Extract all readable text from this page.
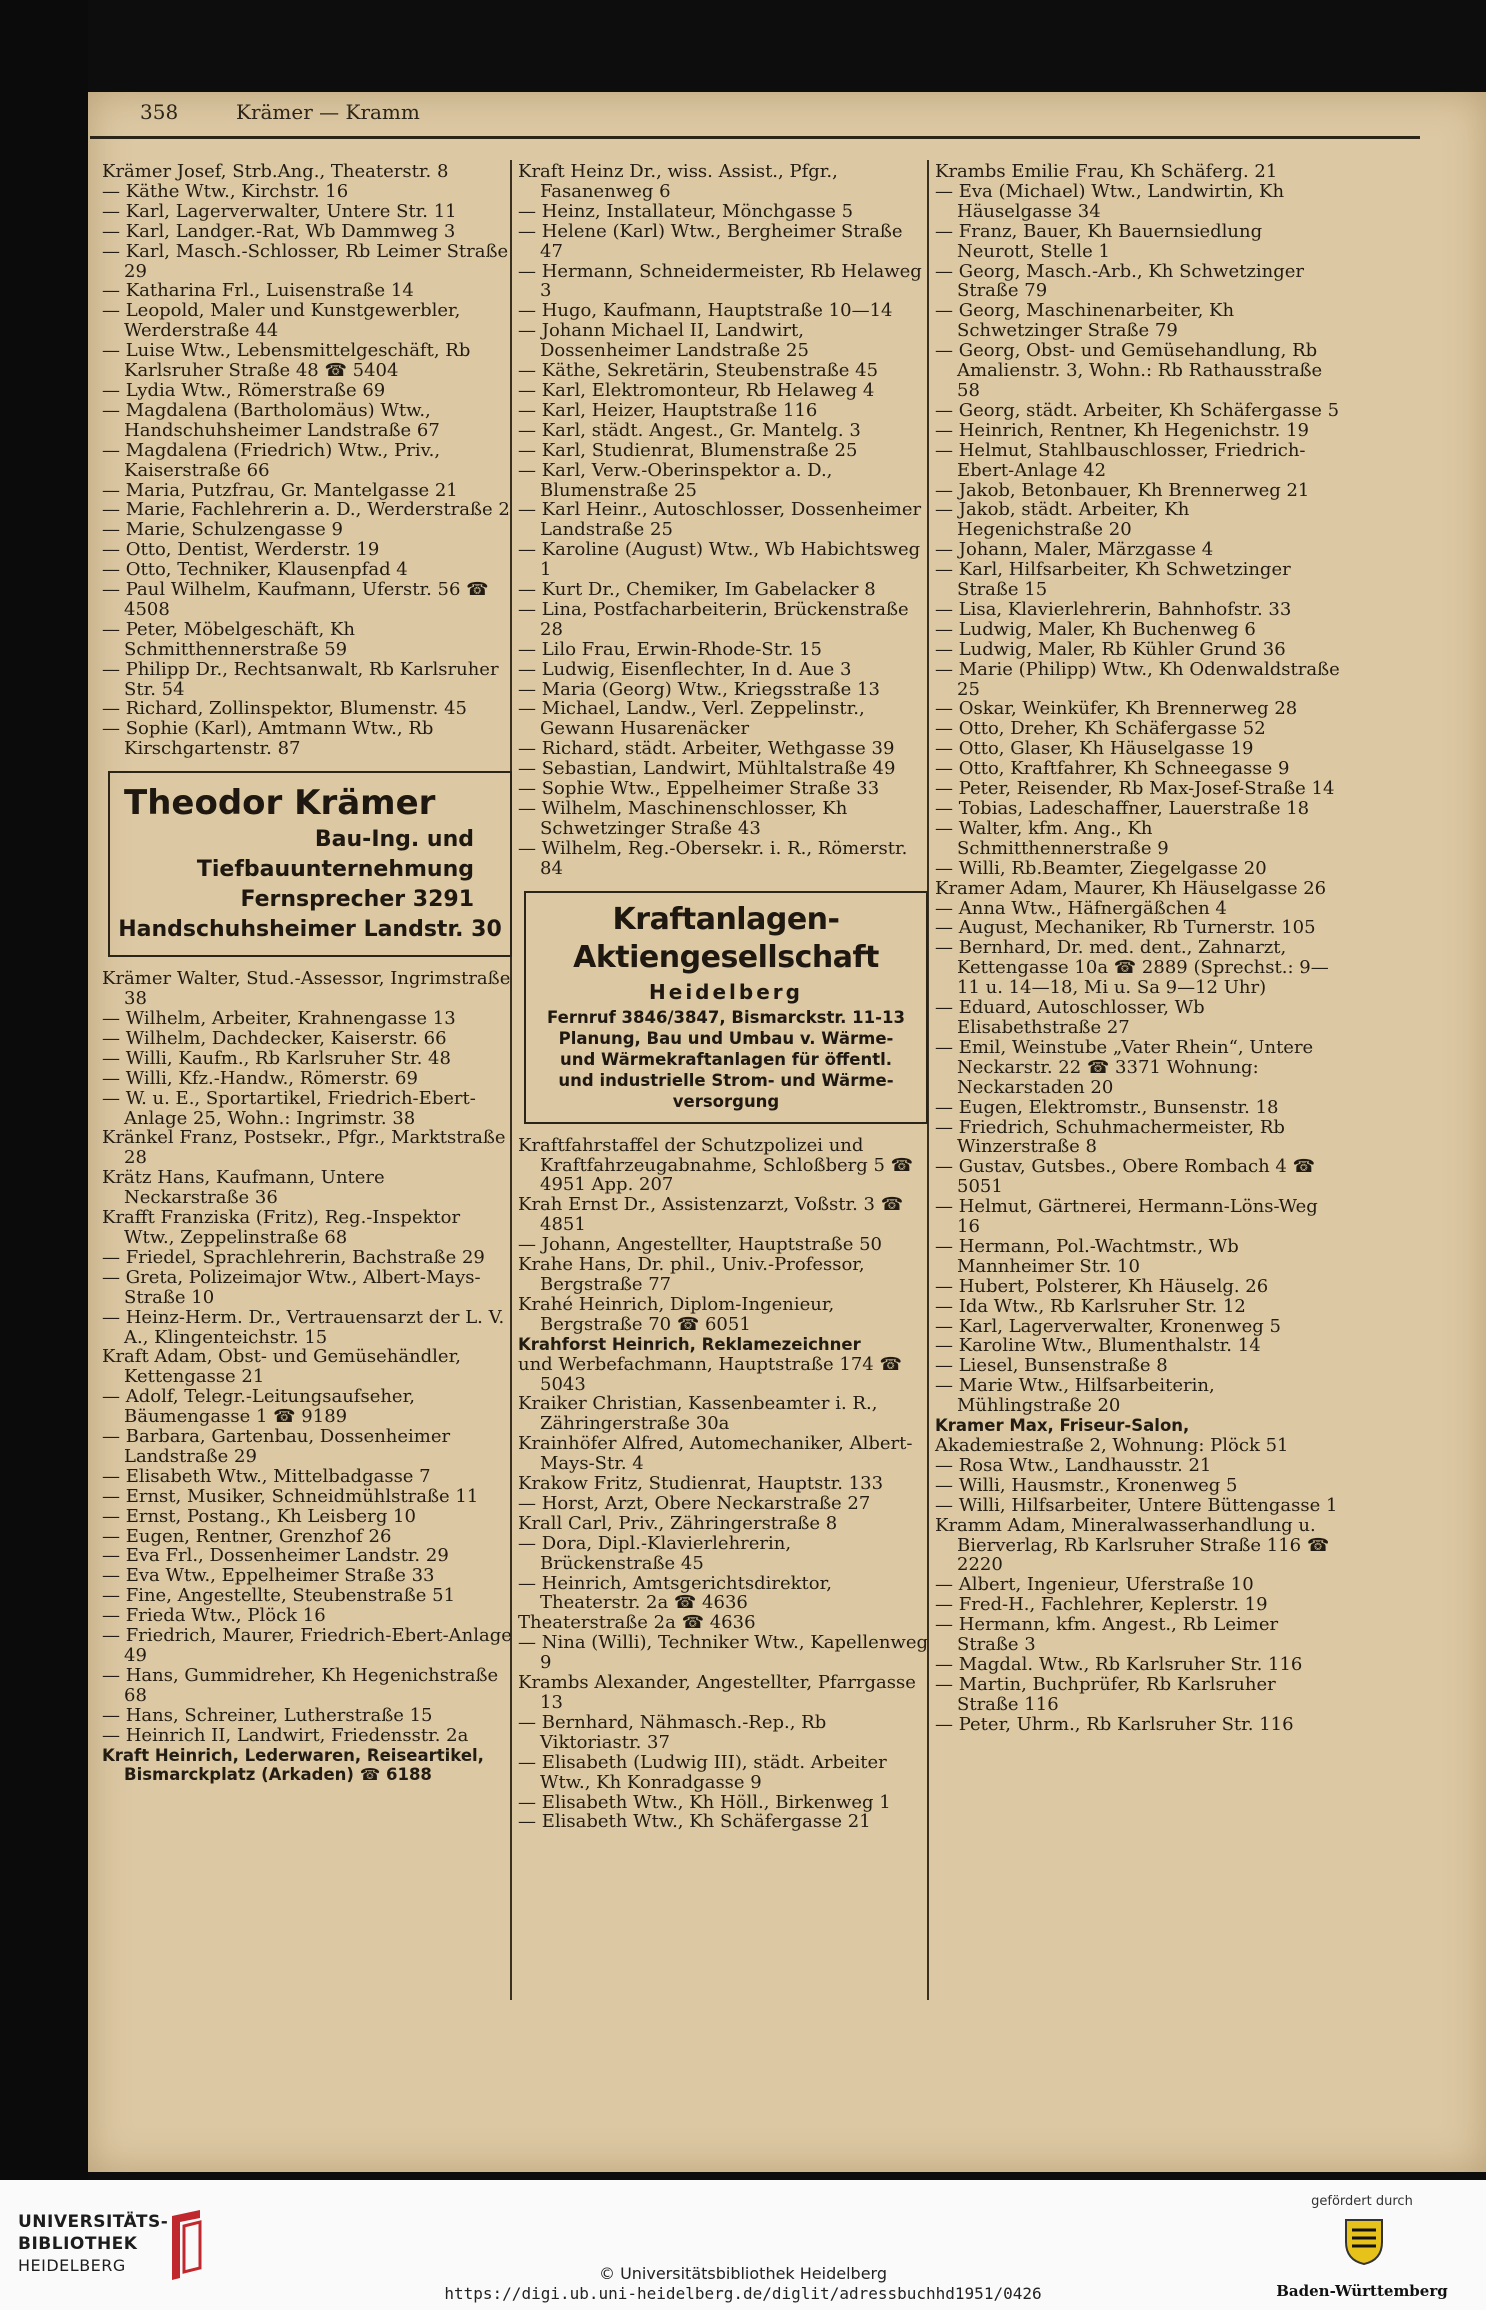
358	Krämer — Kramm

Krämer Josef, Strb.Ang., Theaterstr. 8

— Käthe Wtw., Kirchstr. 16

— Karl, Lagerverwalter, Untere Str. 11

— Karl, Landger.-Rat, Wb Dammweg 3

— Karl, Masch.-Schlosser, Rb Leimer Straße 29

— Katharina Frl., Luisenstraße 14

— Leopold, Maler und Kunstgewerbler, Werderstraße 44

— Luise Wtw., Lebensmittelgeschäft, Rb Karlsruher Straße 48 ☎ 5404

— Lydia Wtw., Römerstraße 69

— Magdalena (Bartholomäus) Wtw., Handschuhsheimer Landstraße 67

— Magdalena (Friedrich) Wtw., Priv., Kaiserstraße 66

— Maria, Putzfrau, Gr. Mantelgasse 21

— Marie, Fachlehrerin a. D., Werderstraße 2

— Marie, Schulzengasse 9

— Otto, Dentist, Werderstr. 19

— Otto, Techniker, Klausenpfad 4

— Paul Wilhelm, Kaufmann, Uferstr. 56 ☎ 4508

— Peter, Möbelgeschäft, Kh Schmitthennerstraße 59

— Philipp Dr., Rechtsanwalt, Rb Karlsruher Str. 54

— Richard, Zollinspektor, Blumenstr. 45

— Sophie (Karl), Amtmann Wtw., Rb Kirschgartenstr. 87

Theodor Krämer
Bau-Ing. und
Tiefbauunternehmung
Fernsprecher 3291
Handschuhsheimer Landstr. 30

Krämer Walter, Stud.-Assessor, Ingrimstraße 38

— Wilhelm, Arbeiter, Krahnengasse 13

— Wilhelm, Dachdecker, Kaiserstr. 66

— Willi, Kaufm., Rb Karlsruher Str. 48

— Willi, Kfz.-Handw., Römerstr. 69

— W. u. E., Sportartikel, Friedrich-Ebert-Anlage 25, Wohn.: Ingrimstr. 38

Kränkel Franz, Postsekr., Pfgr., Marktstraße 28

Krätz Hans, Kaufmann, Untere Neckarstraße 36

Krafft Franziska (Fritz), Reg.-Inspektor Wtw., Zeppelinstraße 68

— Friedel, Sprachlehrerin, Bachstraße 29

— Greta, Polizeimajor Wtw., Albert-Mays-Straße 10

— Heinz-Herm. Dr., Vertrauensarzt der L. V. A., Klingenteichstr. 15

Kraft Adam, Obst- und Gemüsehändler, Kettengasse 21

— Adolf, Telegr.-Leitungsaufseher, Bäumengasse 1 ☎ 9189

— Barbara, Gartenbau, Dossenheimer Landstraße 29

— Elisabeth Wtw., Mittelbadgasse 7

— Ernst, Musiker, Schneidmühlstraße 11

— Ernst, Postang., Kh Leisberg 10

— Eugen, Rentner, Grenzhof 26

— Eva Frl., Dossenheimer Landstr. 29

— Eva Wtw., Eppelheimer Straße 33

— Fine, Angestellte, Steubenstraße 51

— Frieda Wtw., Plöck 16

— Friedrich, Maurer, Friedrich-Ebert-Anlage 49

— Hans, Gummidreher, Kh Hegenichstraße 68

— Hans, Schreiner, Lutherstraße 15

— Heinrich II, Landwirt, Friedensstr. 2a

Kraft Heinrich, Lederwaren, Reiseartikel, Bismarckplatz (Arkaden) ☎ 6188

Kraft Heinz Dr., wiss. Assist., Pfgr., Fasanenweg 6

— Heinz, Installateur, Mönchgasse 5

— Helene (Karl) Wtw., Bergheimer Straße 47

— Hermann, Schneidermeister, Rb Helaweg 3

— Hugo, Kaufmann, Hauptstraße 10—14

— Johann Michael II, Landwirt, Dossenheimer Landstraße 25

— Käthe, Sekretärin, Steubenstraße 45

— Karl, Elektromonteur, Rb Helaweg 4

— Karl, Heizer, Hauptstraße 116

— Karl, städt. Angest., Gr. Mantelg. 3

— Karl, Studienrat, Blumenstraße 25

— Karl, Verw.-Oberinspektor a. D., Blumenstraße 25

— Karl Heinr., Autoschlosser, Dossenheimer Landstraße 25

— Karoline (August) Wtw., Wb Habichtsweg 1

— Kurt Dr., Chemiker, Im Gabelacker 8

— Lina, Postfacharbeiterin, Brückenstraße 28

— Lilo Frau, Erwin-Rhode-Str. 15

— Ludwig, Eisenflechter, In d. Aue 3

— Maria (Georg) Wtw., Kriegsstraße 13

— Michael, Landw., Verl. Zeppelinstr., Gewann Husarenäcker

— Richard, städt. Arbeiter, Wethgasse 39

— Sebastian, Landwirt, Mühltalstraße 49

— Sophie Wtw., Eppelheimer Straße 33

— Wilhelm, Maschinenschlosser, Kh Schwetzinger Straße 43

— Wilhelm, Reg.-Obersekr. i. R., Römerstr. 84

Kraftanlagen-Aktiengesellschaft
Heidelberg
Fernruf 3846/3847, Bismarckstr. 11-13
Planung, Bau und Umbau v. Wärme-
und Wärmekraftanlagen für öffentl.
und industrielle Strom- und Wärme-
versorgung

Kraftfahrstaffel der Schutzpolizei und Kraftfahrzeugabnahme, Schloßberg 5 ☎ 4951 App. 207

Krah Ernst Dr., Assistenzarzt, Voßstr. 3 ☎ 4851

— Johann, Angestellter, Hauptstraße 50

Krahe Hans, Dr. phil., Univ.-Professor, Bergstraße 77

Krahé Heinrich, Diplom-Ingenieur, Bergstraße 70 ☎ 6051

Krahforst Heinrich, Reklamezeichner

und Werbefachmann, Hauptstraße 174 ☎ 5043

Kraiker Christian, Kassenbeamter i. R., Zähringerstraße 30a

Krainhöfer Alfred, Automechaniker, Albert-Mays-Str. 4

Krakow Fritz, Studienrat, Hauptstr. 133

— Horst, Arzt, Obere Neckarstraße 27

Krall Carl, Priv., Zähringerstraße 8

— Dora, Dipl.-Klavierlehrerin, Brückenstraße 45

— Heinrich, Amtsgerichtsdirektor, Theaterstr. 2a ☎ 4636

Theaterstraße 2a ☎ 4636

— Nina (Willi), Techniker Wtw., Kapellenweg 9

Krambs Alexander, Angestellter, Pfarrgasse 13

— Bernhard, Nähmasch.-Rep., Rb Viktoriastr. 37

— Elisabeth (Ludwig III), städt. Arbeiter Wtw., Kh Konradgasse 9

— Elisabeth Wtw., Kh Höll., Birkenweg 1

— Elisabeth Wtw., Kh Schäfergasse 21

Krambs Emilie Frau, Kh Schäferg. 21

— Eva (Michael) Wtw., Landwirtin, Kh Häuselgasse 34

— Franz, Bauer, Kh Bauernsiedlung Neurott, Stelle 1

— Georg, Masch.-Arb., Kh Schwetzinger Straße 79

— Georg, Maschinenarbeiter, Kh Schwetzinger Straße 79

— Georg, Obst- und Gemüsehandlung, Rb Amalienstr. 3, Wohn.: Rb Rathausstraße 58

— Georg, städt. Arbeiter, Kh Schäfergasse 5

— Heinrich, Rentner, Kh Hegenichstr. 19

— Helmut, Stahlbauschlosser, Friedrich-Ebert-Anlage 42

— Jakob, Betonbauer, Kh Brennerweg 21

— Jakob, städt. Arbeiter, Kh Hegenichstraße 20

— Johann, Maler, Märzgasse 4

— Karl, Hilfsarbeiter, Kh Schwetzinger Straße 15

— Lisa, Klavierlehrerin, Bahnhofstr. 33

— Ludwig, Maler, Kh Buchenweg 6

— Ludwig, Maler, Rb Kühler Grund 36

— Marie (Philipp) Wtw., Kh Odenwaldstraße 25

— Oskar, Weinküfer, Kh Brennerweg 28

— Otto, Dreher, Kh Schäfergasse 52

— Otto, Glaser, Kh Häuselgasse 19

— Otto, Kraftfahrer, Kh Schneegasse 9

— Peter, Reisender, Rb Max-Josef-Straße 14

— Tobias, Ladeschaffner, Lauerstraße 18

— Walter, kfm. Ang., Kh Schmitthennerstraße 9

— Willi, Rb.Beamter, Ziegelgasse 20

Kramer Adam, Maurer, Kh Häuselgasse 26

— Anna Wtw., Häfnergäßchen 4

— August, Mechaniker, Rb Turnerstr. 105

— Bernhard, Dr. med. dent., Zahnarzt, Kettengasse 10a ☎ 2889 (Sprechst.: 9—11 u. 14—18, Mi u. Sa 9—12 Uhr)

— Eduard, Autoschlosser, Wb Elisabethstraße 27

— Emil, Weinstube „Vater Rhein“, Untere Neckarstr. 22 ☎ 3371 Wohnung: Neckarstaden 20

— Eugen, Elektromstr., Bunsenstr. 18

— Friedrich, Schuhmachermeister, Rb Winzerstraße 8

— Gustav, Gutsbes., Obere Rombach 4 ☎ 5051

— Helmut, Gärtnerei, Hermann-Löns-Weg 16

— Hermann, Pol.-Wachtmstr., Wb Mannheimer Str. 10

— Hubert, Polsterer, Kh Häuselg. 26

— Ida Wtw., Rb Karlsruher Str. 12

— Karl, Lagerverwalter, Kronenweg 5

— Karoline Wtw., Blumenthalstr. 14

— Liesel, Bunsenstraße 8

— Marie Wtw., Hilfsarbeiterin, Mühlingstraße 20

Kramer Max, Friseur-Salon,

Akademiestraße 2, Wohnung: Plöck 51

— Rosa Wtw., Landhausstr. 21

— Willi, Hausmstr., Kronenweg 5

— Willi, Hilfsarbeiter, Untere Büttengasse 1

Kramm Adam, Mineralwasserhandlung u. Bierverlag, Rb Karlsruher Straße 116 ☎ 2220

— Albert, Ingenieur, Uferstraße 10

— Fred-H., Fachlehrer, Keplerstr. 19

— Hermann, kfm. Angest., Rb Leimer Straße 3

— Magdal. Wtw., Rb Karlsruher Str. 116

— Martin, Buchprüfer, Rb Karlsruher Straße 116

— Peter, Uhrm., Rb Karlsruher Str. 116

UNIVERSITÄTS-
BIBLIOTHEK
HEIDELBERG	© Universitätsbibliothek Heidelberg
https://digi.ub.uni-heidelberg.de/diglit/adressbuchhd1951/0426
gefördert durch
Baden-Württemberg
